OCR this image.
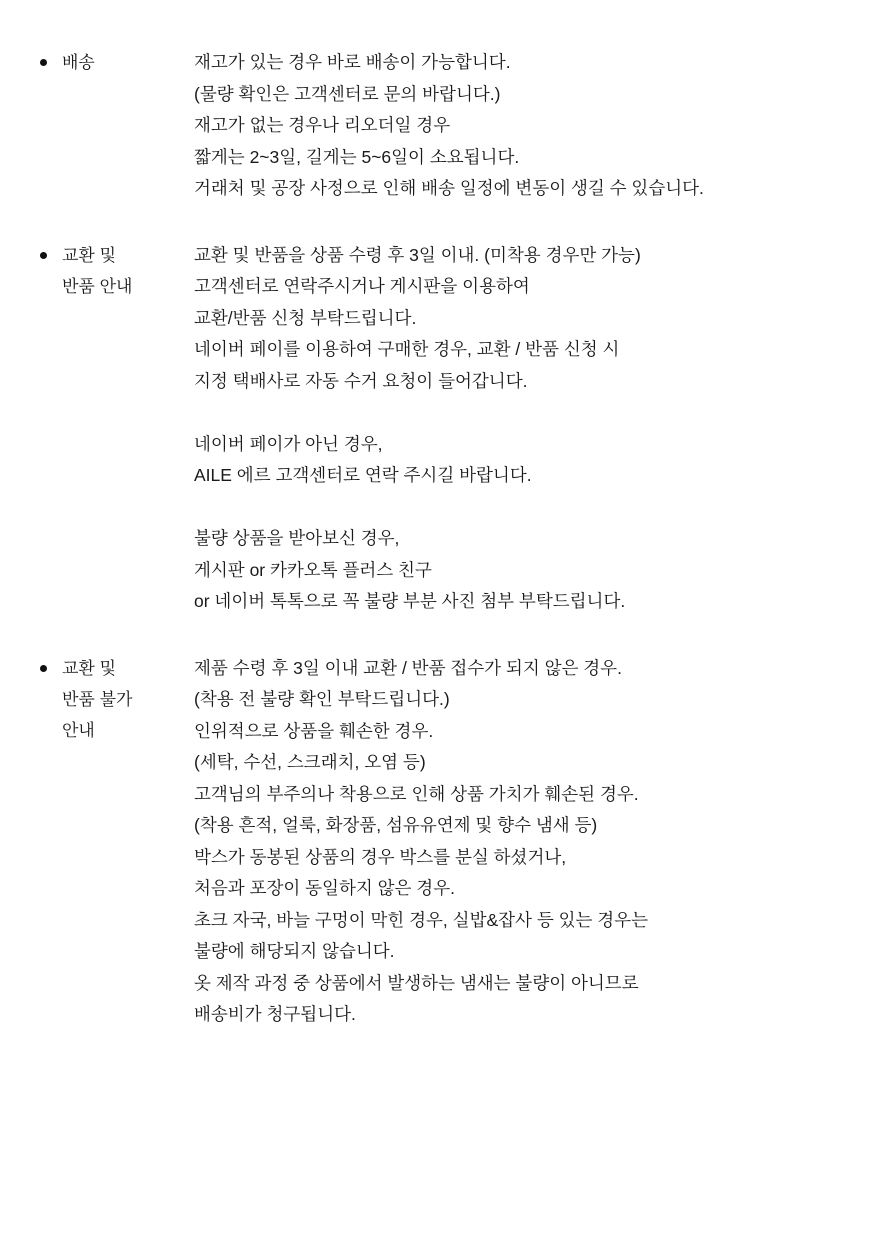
배송	재고가 있는 경우 바로 배송이 가능합니다.

(물량 확인은 고객센터로 문의 바랍니다.)

재고가 없는 경우나 리오더일 경우

짧게는 2~3일, 길게는 5~6일이 소요됩니다.

거래처 및 공장 사정으로 인해 배송 일정에 변동이 생길 수 있습니다.

교환 및
반품 안내

교환 및 반품을 상품 수령 후 3일 이내. (미착용 경우만 가능)

고객센터로 연락주시거나 게시판을 이용하여

교환/반품 신청 부탁드립니다.

네이버 페이를 이용하여 구매한 경우, 교환 / 반품 신청 시

지정 택배사로 자동 수거 요청이 들어갑니다.

네이버 페이가 아닌 경우,

AILE 에르 고객센터로 연락 주시길 바랍니다.

불량 상품을 받아보신 경우,

게시판 or 카카오톡 플러스 친구

or 네이버 톡톡으로 꼭 불량 부분 사진 첨부 부탁드립니다.

교환 및
반품 불가
안내

제품 수령 후 3일 이내 교환 / 반품 접수가 되지 않은 경우.

(착용 전 불량 확인 부탁드립니다.)

인위적으로 상품을 훼손한 경우.

(세탁, 수선, 스크래치, 오염 등)

고객님의 부주의나 착용으로 인해 상품 가치가 훼손된 경우.

(착용 흔적, 얼룩, 화장품, 섬유유연제 및 향수 냄새 등)

박스가 동봉된 상품의 경우 박스를 분실 하셨거나,

처음과 포장이 동일하지 않은 경우.

초크 자국, 바늘 구멍이 막힌 경우, 실밥&잡사 등 있는 경우는

불량에 해당되지 않습니다.

옷 제작 과정 중 상품에서 발생하는 냄새는 불량이 아니므로

배송비가 청구됩니다.
